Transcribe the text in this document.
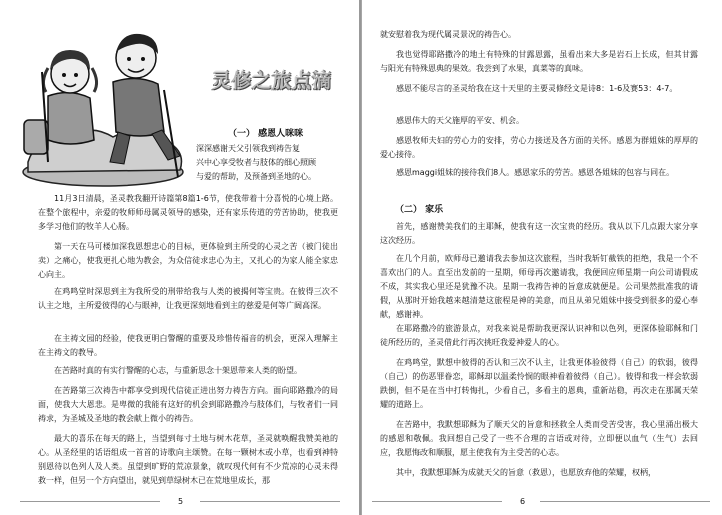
灵修之旅点滴
（一） 感恩人咪咪

深深感谢天父引领我到祷告复

兴中心享受牧者与肢体的细心照顾

与爱的帮助，及预备到圣地的心。

11月3日清晨，圣灵教我翻开诗篇第8篇1-6节，使我带着十分喜悦的心境上路。在整个旅程中，亲爱的牧师师母属灵领导的感染，还有家乐传道的劳苦协助，使我更多学习他们的牧羊人心肠。

第一天在马可楼加深我恩想忠心的目标，更体验到主所受的心灵之苦（被门徒出卖）之痛心，使我更扎心地为教会，为众信徒求忠心为主，又扎心的为家人能全家忠心向主。

在鸡鸣堂时深思到主为我所受的刑带给我与人类的被揭何等宝贵。在彼得三次不认主之地，主所爱彼得的心与眼神，让我更深刻地看到主的慈爱是何等广阔高深。

在主祷文园的经验，使我更明白警醒的重要及珍惜传福音的机会，更深入理解主在主祷文的教导。

在苦路时真的有实行警醒的心志，与重新思念十架恩带来人类的盼望。

在苦路第三次祷告中都享受到现代信徒正进出努力祷告方向。面向耶路撒冷的局面，使我大大恩悲。是卑微的我能有这好的机会到耶路撒冷与肢体们，与牧者们一同祷求，为圣城及圣地的教会献上微小的祷告。

最大的喜乐在每天的路上，当望到每寸土地与树木花草，圣灵就唤醒我赞美祂的心。从圣经里的话语组成一首首的诗歌向主颂赞。在每一颗树木或小草，也看到神特别恩待以色列人及人类。虽望到旷野的荒凉景象，就叹现代何有不少荒凉的心灵未得救一样，但另一个方向望出，就见到草绿树木已在荒地里成长，那

5

就安慰着我为现代属灵景况的祷告心。

我也觉得耶路撒冷的地土有特殊的甘露恩露，虽看出来大多是岩石上长成，但其甘露与阳光有特殊恩典的果效。我尝到了水果，真菜等的真味。

感恩不能尽言的圣灵给我在这十天里的主要灵修经文是诗8：1-6及赛53：4-7。

感恩伟大的天父施厚的平安、机会。

感恩牧师夫妇的劳心力的安排，劳心力接送及各方面的关怀。感恩为群姐妹的厚厚的爱心接待。

感恩maggi姐妹的接待我们8人。感恩家乐的劳苦。感恩各姐妹的包容与同在。

（二） 家乐

首先，感谢赞美我们的主耶稣，使我有这一次宝贵的经历。我从以下几点跟大家分享这次经历。

在几个月前，欧师母已邀请我去参加这次旅程，当时我斩钉截铁的拒绝，我是一个不喜欢出门的人。直至出发前的一星期，师母再次邀请我，我便回应师星期一向公司请假成不成，其实我心里还是犹豫不决。星期一我祷告神的旨意成就便是。公司果然批准我的请假，从那时开始我越来越清楚这旅程是神的美意，而且从弟兄姐妹中接受到很多的爱心奉献，感谢神。

在耶路撒冷的旅游景点，对我来说是帮助我更深认识神和以色列，更深体验耶稣和门徒所经历的，圣灵借此行再次挑旺我爱神爱人的心。

在鸡鸣堂，默想中彼得的否认和三次不认主，让我更体验彼得（自己）的软弱，彼得（自己）的伤恶罪眷恋，耶稣却以温柔怜悯的眼神看着彼得（自己）。彼得和我一样会软弱跌倒，但不是在当中打转悔扎，少看自己，多看主的恩典，重新站稳，再次走在那属天荣耀的道路上。

在苦路中，我默想耶稣为了顺天父的旨意和拯救全人类而受苦受害，我心里涌出极大的感恩和敬佩。我回想自己受了一些不合理的言语或对待，立即便以血气（生气）去回应，我愿悔改和顺服，愿主使我有为主受苦的心志。

其中，我默想耶稣为成就天父的旨意（救恩），也愿放弃他的荣耀，权柄，

6
